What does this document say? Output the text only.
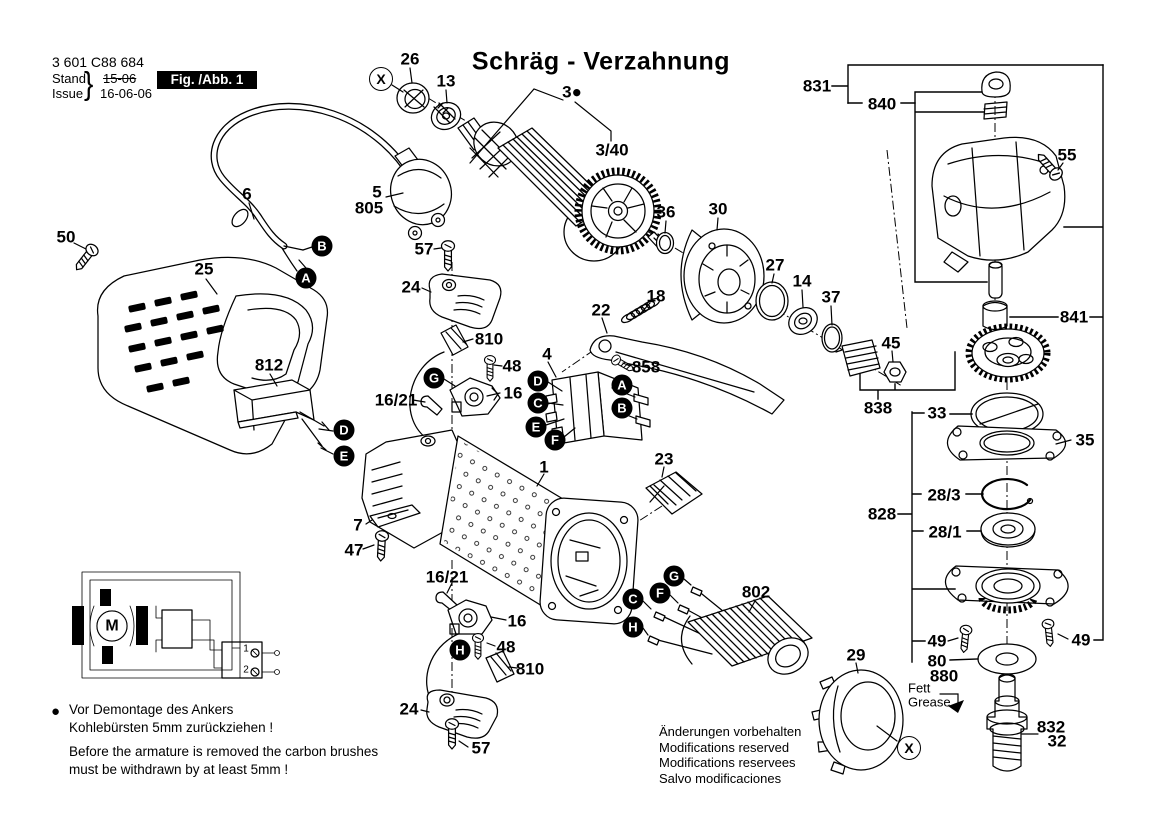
3 601 C88 684
Stand
Issue } 15-06
16-06-06
Fig. /Abb. 1
Schräg - Verzahnung
50
25
6	5
805
26
13
3●
3/40
57
24
810
48
16/21	16
4
858
22
18
36 30
27
14
37
812
1	23
7
47
16/21
16
48
810
24
57
802
29
831
840
55
841
45
838 33
35
28/3
828
28/1
49	49
80
880
832
32
X
B
A
D
E
G	D
C
E
F
A
B
H
G
F
C
H
X
M
● Vor Demontage des Ankers
Kohlebürsten 5mm zurückziehen !
Before the armature is removed the carbon brushes
must be withdrawn by at least 5mm !
Änderungen vorbehalten
Modifications reserved
Modifications reservees
Salvo modificaciones
Fett
Grease
1
2
